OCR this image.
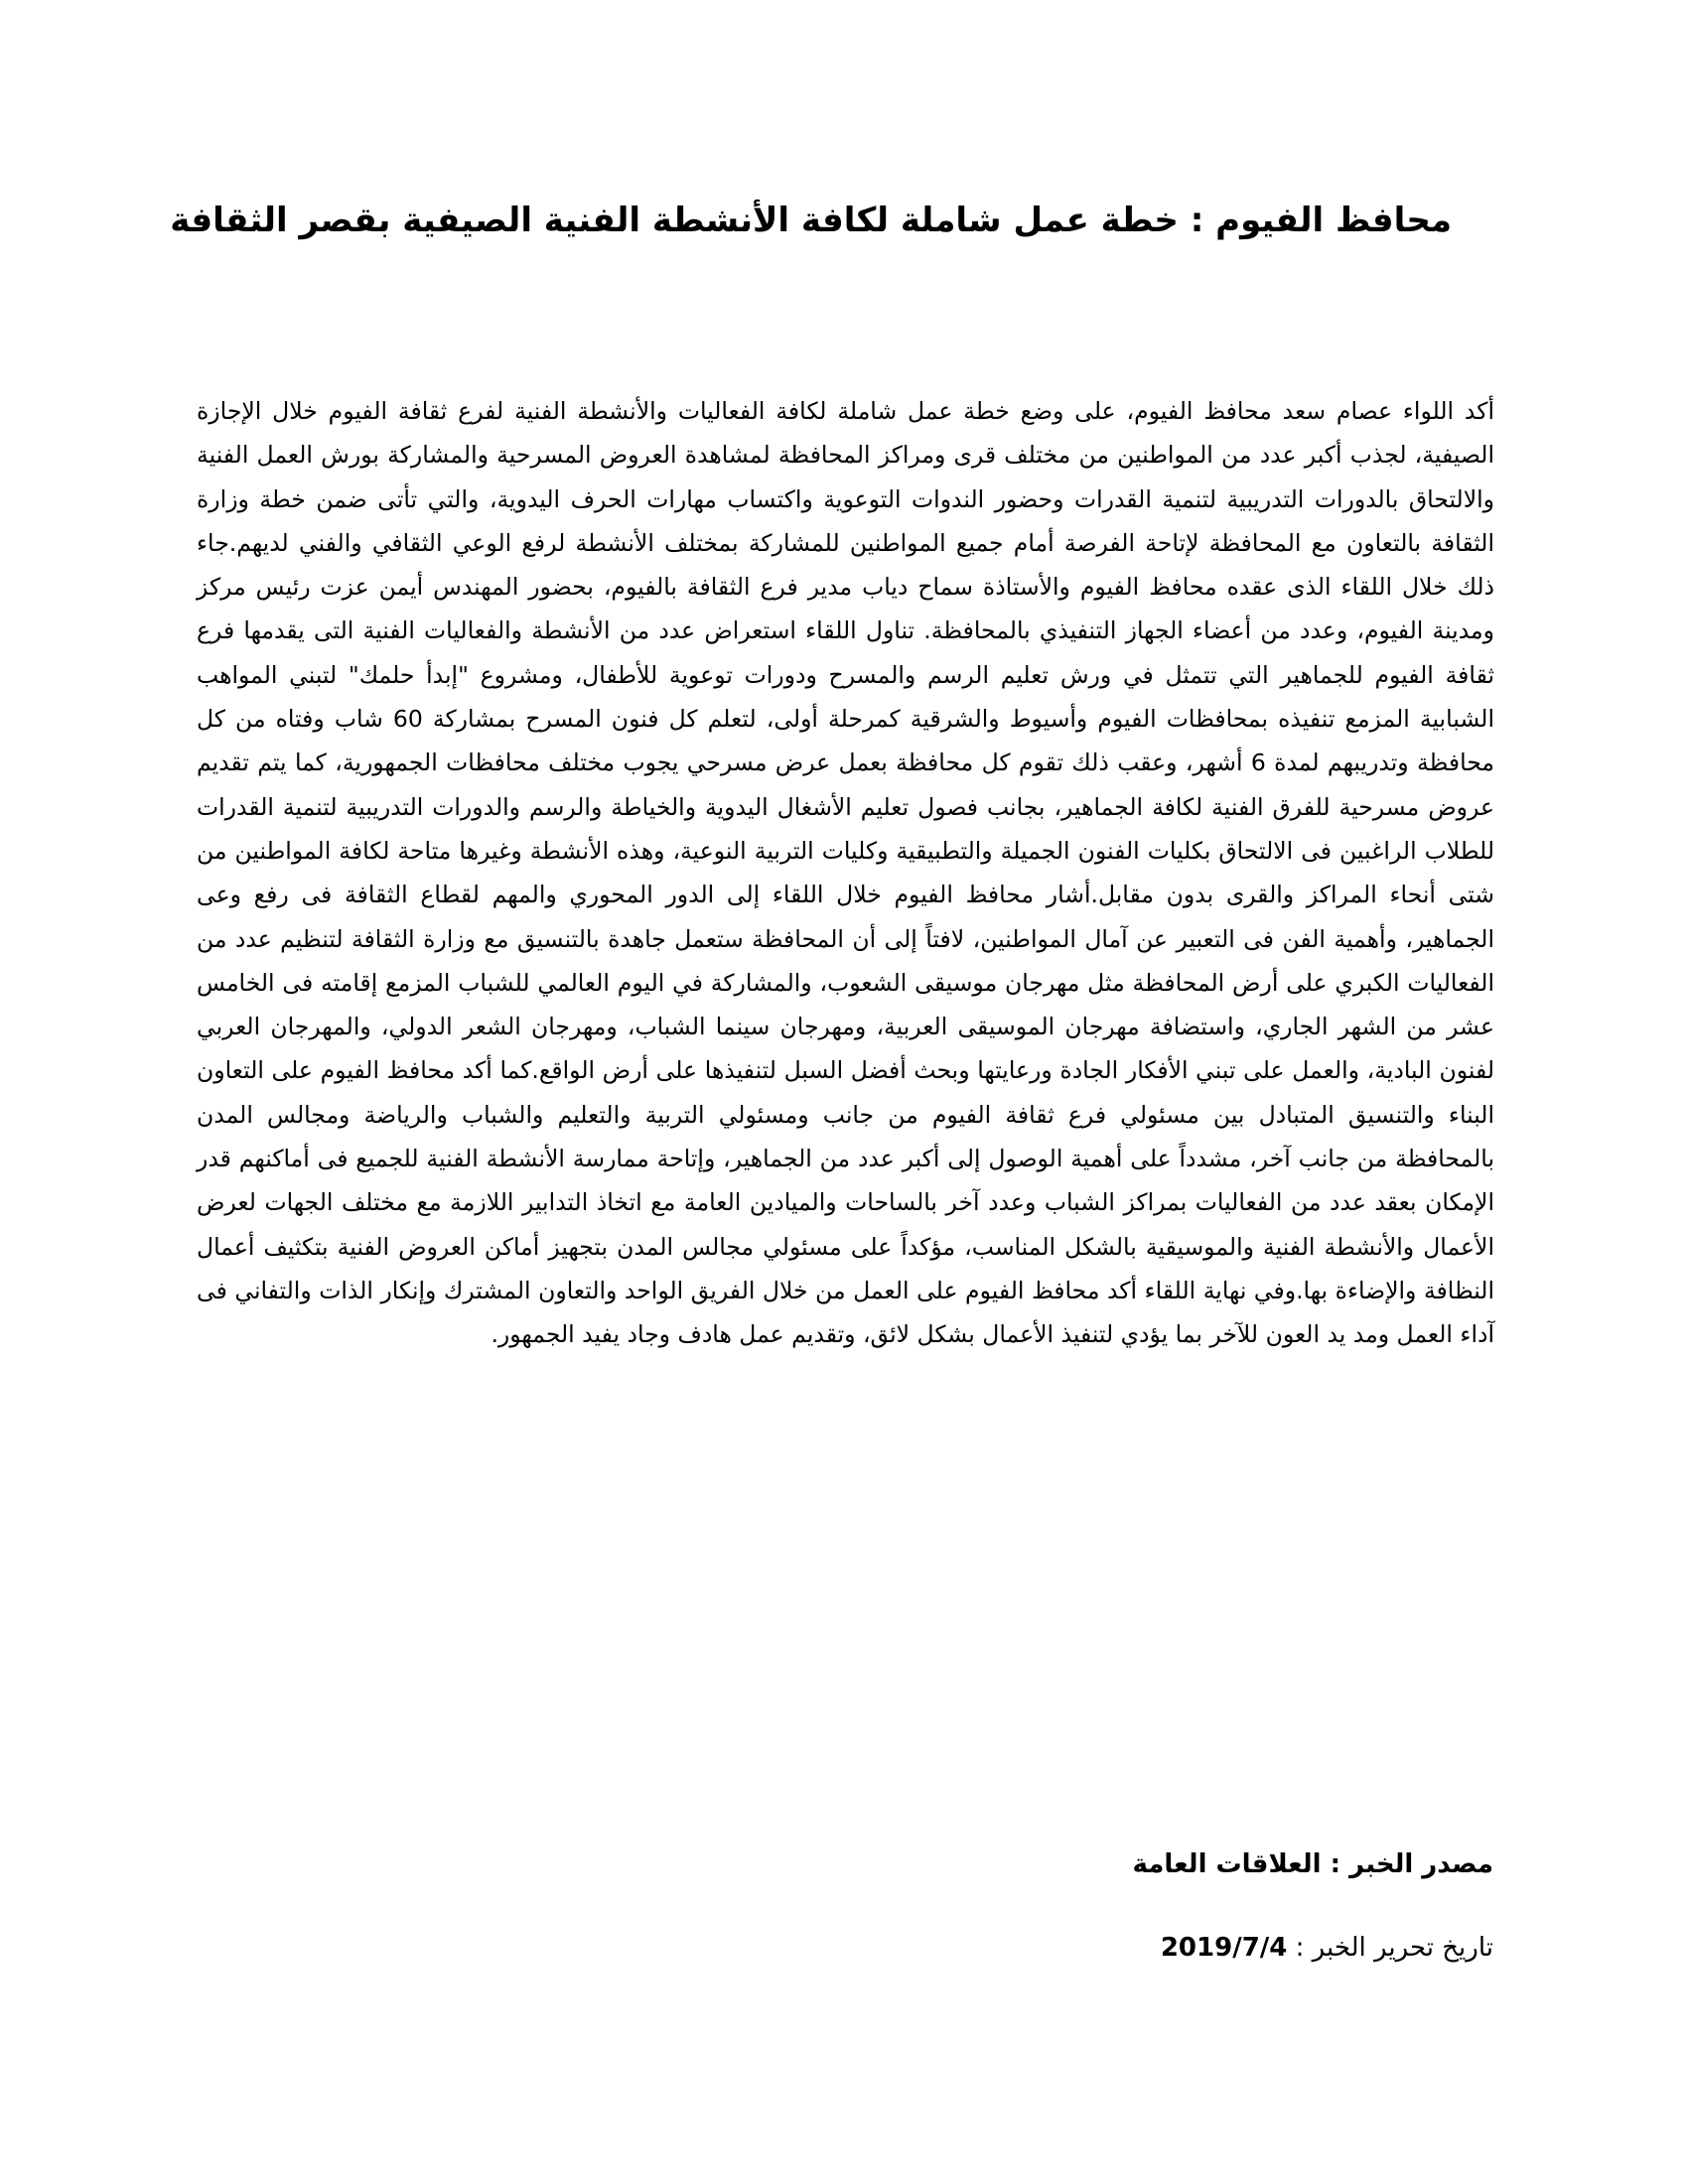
محافظ الفيوم : خطة عمل شاملة لكافة الأنشطة الفنية الصيفية بقصر الثقافة

أكد اللواء عصام سعد محافظ الفيوم، على وضع خطة عمل شاملة لكافة الفعاليات والأنشطة الفنية لفرع ثقافة الفيوم خلال الإجازة الصيفية، لجذب أكبر عدد من المواطنين من مختلف قرى ومراكز المحافظة لمشاهدة العروض المسرحية والمشاركة بورش العمل الفنية والالتحاق بالدورات التدريبية لتنمية القدرات وحضور الندوات التوعوية واكتساب مهارات الحرف اليدوية، والتي تأتى ضمن خطة وزارة الثقافة بالتعاون مع المحافظة لإتاحة الفرصة أمام جميع المواطنين للمشاركة بمختلف الأنشطة لرفع الوعي الثقافي والفني لديهم.جاء ذلك خلال اللقاء الذى عقده محافظ الفيوم والأستاذة سماح دياب مدير فرع الثقافة بالفيوم، بحضور المهندس أيمن عزت رئيس مركز ومدينة الفيوم، وعدد من أعضاء الجهاز التنفيذي بالمحافظة. تناول اللقاء استعراض عدد من الأنشطة والفعاليات الفنية التى يقدمها فرع ثقافة الفيوم للجماهير التي تتمثل في ورش تعليم الرسم والمسرح ودورات توعوية للأطفال، ومشروع "إبدأ حلمك" لتبني المواهب الشبابية المزمع تنفيذه بمحافظات الفيوم وأسيوط والشرقية كمرحلة أولى، لتعلم كل فنون المسرح بمشاركة 60 شاب وفتاه من كل محافظة وتدريبهم لمدة 6 أشهر، وعقب ذلك تقوم كل محافظة بعمل عرض مسرحي يجوب مختلف محافظات الجمهورية، كما يتم تقديم عروض مسرحية للفرق الفنية لكافة الجماهير، بجانب فصول تعليم الأشغال اليدوية والخياطة والرسم والدورات التدريبية لتنمية القدرات للطلاب الراغبين فى الالتحاق بكليات الفنون الجميلة والتطبيقية وكليات التربية النوعية، وهذه الأنشطة وغيرها متاحة لكافة المواطنين من شتى أنحاء المراكز والقرى بدون مقابل.أشار محافظ الفيوم خلال اللقاء إلى الدور المحوري والمهم لقطاع الثقافة فى رفع وعى الجماهير، وأهمية الفن فى التعبير عن آمال المواطنين، لافتاً إلى أن المحافظة ستعمل جاهدة بالتنسيق مع وزارة الثقافة لتنظيم عدد من الفعاليات الكبري على أرض المحافظة مثل مهرجان موسيقى الشعوب، والمشاركة في اليوم العالمي للشباب المزمع إقامته فى الخامس عشر من الشهر الجاري، واستضافة مهرجان الموسيقى العربية، ومهرجان سينما الشباب، ومهرجان الشعر الدولي، والمهرجان العربي لفنون البادية، والعمل على تبني الأفكار الجادة ورعايتها وبحث أفضل السبل لتنفيذها على أرض الواقع.كما أكد محافظ الفيوم على التعاون البناء والتنسيق المتبادل بين مسئولي فرع ثقافة الفيوم من جانب ومسئولي التربية والتعليم والشباب والرياضة ومجالس المدن بالمحافظة من جانب آخر، مشدداً على أهمية الوصول إلى أكبر عدد من الجماهير، وإتاحة ممارسة الأنشطة الفنية للجميع فى أماكنهم قدر الإمكان بعقد عدد من الفعاليات بمراكز الشباب وعدد آخر بالساحات والميادين العامة مع اتخاذ التدابير اللازمة مع مختلف الجهات لعرض الأعمال والأنشطة الفنية والموسيقية بالشكل المناسب، مؤكداً على مسئولي مجالس المدن بتجهيز أماكن العروض الفنية بتكثيف أعمال النظافة والإضاءة بها.وفي نهاية اللقاء أكد محافظ الفيوم على العمل من خلال الفريق الواحد والتعاون المشترك وإنكار الذات والتفاني فى آداء العمل ومد يد العون للآخر بما يؤدي لتنفيذ الأعمال بشكل لائق، وتقديم عمل هادف وجاد يفيد الجمهور.

مصدر الخبر : العلاقات العامة

تاريخ تحرير الخبر : 2019/7/4
